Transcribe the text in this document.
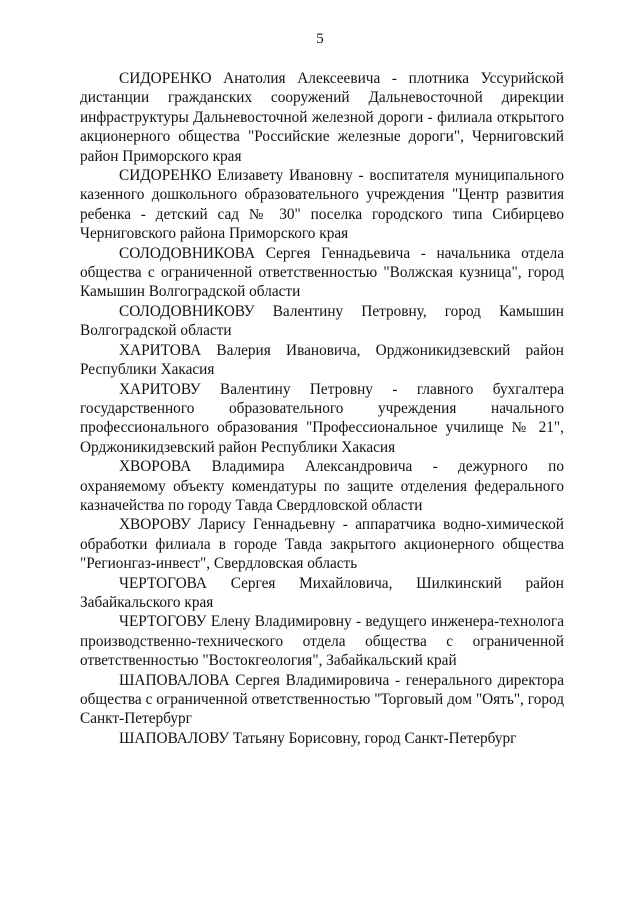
5

СИДОРЕНКО Анатолия Алексеевича - плотника Уссурийской дистанции гражданских сооружений Дальневосточной дирекции инфраструктуры Дальневосточной железной дороги - филиала открытого акционерного общества "Российские железные дороги", Черниговский район Приморского края

СИДОРЕНКО Елизавету Ивановну - воспитателя муниципального казенного дошкольного образовательного учреждения "Центр развития ребенка - детский сад № 30" поселка городского типа Сибирцево Черниговского района Приморского края

СОЛОДОВНИКОВА Сергея Геннадьевича - начальника отдела общества с ограниченной ответственностью "Волжская кузница", город Камышин Волгоградской области

СОЛОДОВНИКОВУ Валентину Петровну, город Камышин Волгоградской области

ХАРИТОВА Валерия Ивановича, Орджоникидзевский район Республики Хакасия

ХАРИТОВУ Валентину Петровну - главного бухгалтера государственного образовательного учреждения начального профессионального образования "Профессиональное училище № 21", Орджоникидзевский район Республики Хакасия

ХВОРОВА Владимира Александровича - дежурного по охраняемому объекту комендатуры по защите отделения федерального казначейства по городу Тавда Свердловской области

ХВОРОВУ Ларису Геннадьевну - аппаратчика водно-химической обработки филиала в городе Тавда закрытого акционерного общества "Регионгаз-инвест", Свердловская область

ЧЕРТОГОВА Сергея Михайловича, Шилкинский район Забайкальского края

ЧЕРТОГОВУ Елену Владимировну - ведущего инженера-технолога производственно-технического отдела общества с ограниченной ответственностью "Востокгеология", Забайкальский край

ШАПОВАЛОВА Сергея Владимировича - генерального директора общества с ограниченной ответственностью "Торговый дом "Оять", город Санкт-Петербург

ШАПОВАЛОВУ Татьяну Борисовну, город Санкт-Петербург
